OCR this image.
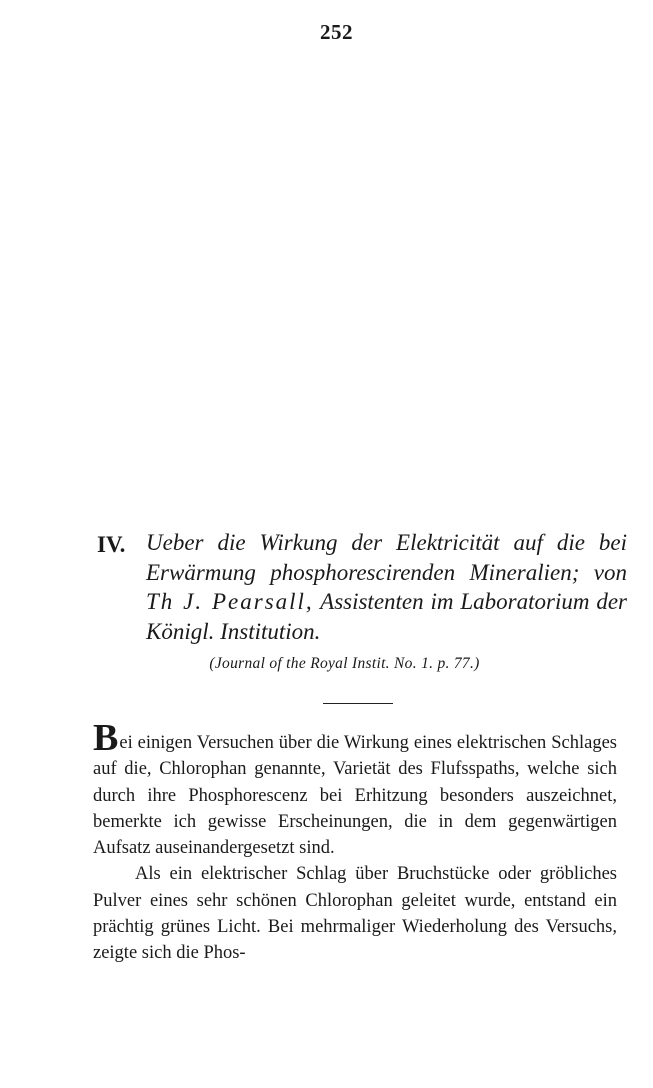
252
IV. Ueber die Wirkung der Elektricität auf die bei Erwärmung phosphorescirenden Mineralien; von Th J. Pearsall, Assistenten im Laboratorium der Königl. Institution.
(Journal of the Royal Instit. No. 1. p. 77.)

Bei einigen Versuchen über die Wirkung eines elektrischen Schlages auf die, Chlorophan genannte, Varietät des Flufsspaths, welche sich durch ihre Phosphorescenz bei Erhitzung besonders auszeichnet, bemerkte ich gewisse Erscheinungen, die in dem gegenwärtigen Aufsatz auseinandergesetzt sind.

Als ein elektrischer Schlag über Bruchstücke oder gröbliches Pulver eines sehr schönen Chlorophan geleitet wurde, entstand ein prächtig grünes Licht. Bei mehrmaliger Wiederholung des Versuchs, zeigte sich die Phos-
